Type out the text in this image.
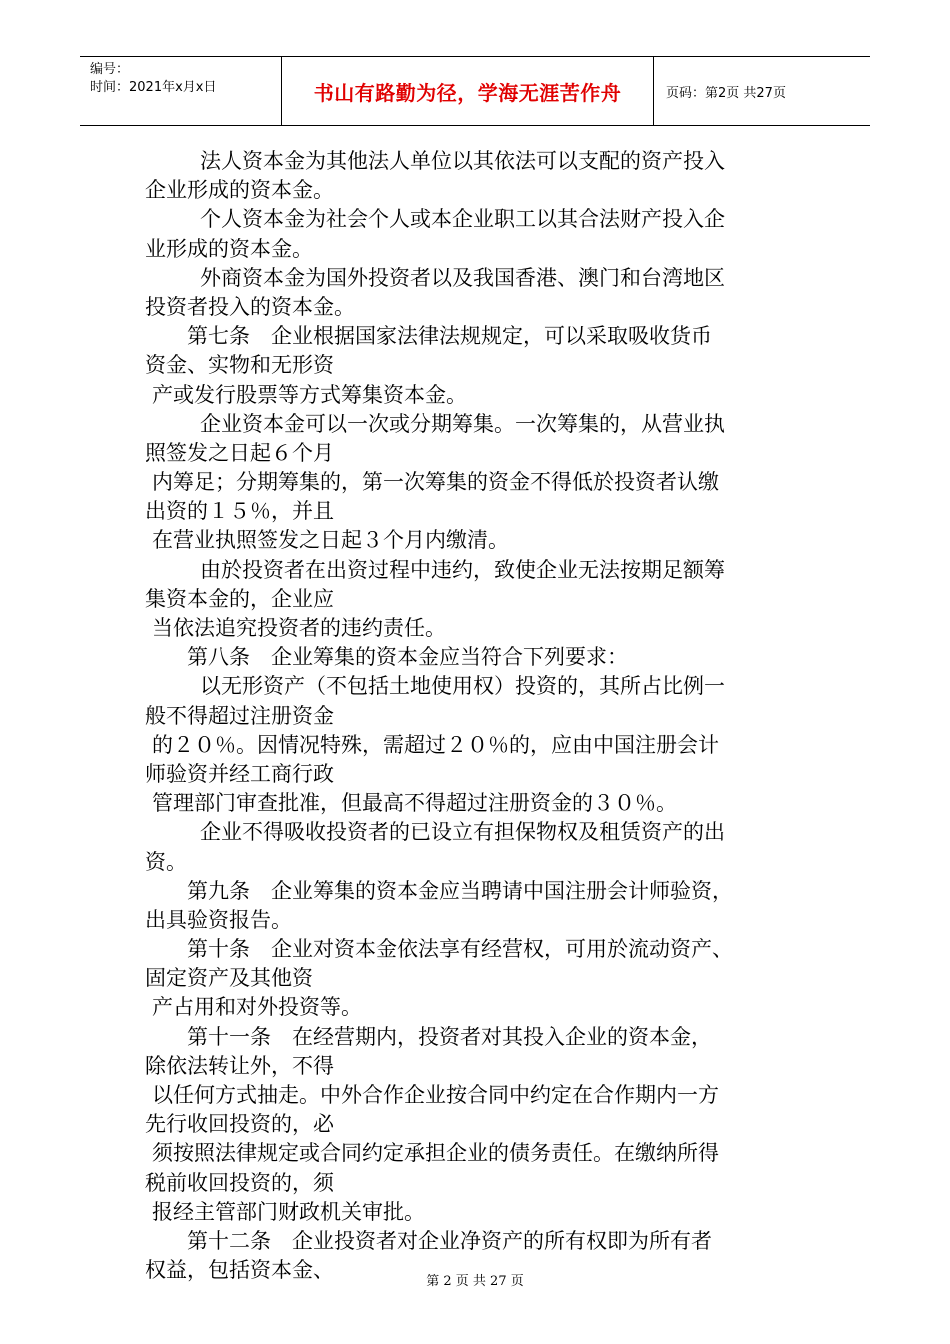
编号：
时间：2021年x月x日	书山有路勤为径，学海无涯苦作舟	页码：第2页 共27页
法人资本金为其他法人单位以其依法可以支配的资产投入
企业形成的资本金。
个人资本金为社会个人或本企业职工以其合法财产投入企
业形成的资本金。
外商资本金为国外投资者以及我国香港、澳门和台湾地区
投资者投入的资本金。
第七条　企业根据国家法律法规规定，可以采取吸收货币
资金、实物和无形资
产或发行股票等方式筹集资本金。
企业资本金可以一次或分期筹集。一次筹集的，从营业执
照签发之日起６个月
内筹足；分期筹集的，第一次筹集的资金不得低於投资者认缴
出资的１５％，并且
在营业执照签发之日起３个月内缴清。
由於投资者在出资过程中违约，致使企业无法按期足额筹
集资本金的，企业应
当依法追究投资者的违约责任。
第八条　企业筹集的资本金应当符合下列要求：
以无形资产（不包括土地使用权）投资的，其所占比例一
般不得超过注册资金
的２０％。因情况特殊，需超过２０％的，应由中国注册会计
师验资并经工商行政
管理部门审查批准，但最高不得超过注册资金的３０％。
企业不得吸收投资者的已设立有担保物权及租赁资产的出
资。
第九条　企业筹集的资本金应当聘请中国注册会计师验资，
出具验资报告。
第十条　企业对资本金依法享有经营权，可用於流动资产、
固定资产及其他资
产占用和对外投资等。
第十一条　在经营期内，投资者对其投入企业的资本金，
除依法转让外，不得
以任何方式抽走。中外合作企业按合同中约定在合作期内一方
先行收回投资的，必
须按照法律规定或合同约定承担企业的债务责任。在缴纳所得
税前收回投资的，须
报经主管部门财政机关审批。
第十二条　企业投资者对企业净资产的所有权即为所有者
权益，包括资本金、	第 2 页 共 27 页
